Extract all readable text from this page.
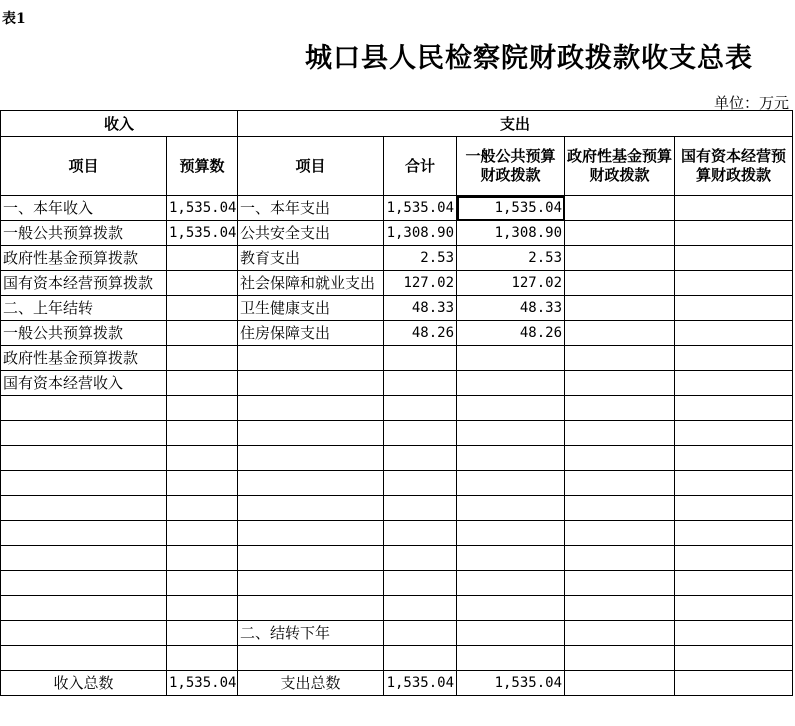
表1
城口县人民检察院财政拨款收支总表
单位：万元
收入		支出				
项目	预算数	项目	合计	一般公共预算财政拨款	政府性基金预算财政拨款	国有资本经营预算财政拨款
一、本年收入	1,535.04	一、本年支出	1,535.04	1,535.04		
一般公共预算拨款	1,535.04	公共安全支出	1,308.90	1,308.90		
政府性基金预算拨款		教育支出	2.53	2.53		
国有资本经营预算拨款		社会保障和就业支出	127.02	127.02		
二、上年结转		卫生健康支出	48.33	48.33		
一般公共预算拨款		住房保障支出	48.26	48.26		
政府性基金预算拨款						
国有资本经营收入						

		二、结转下年				

收入总数	1,535.04	支出总数	1,535.04	1,535.04		
